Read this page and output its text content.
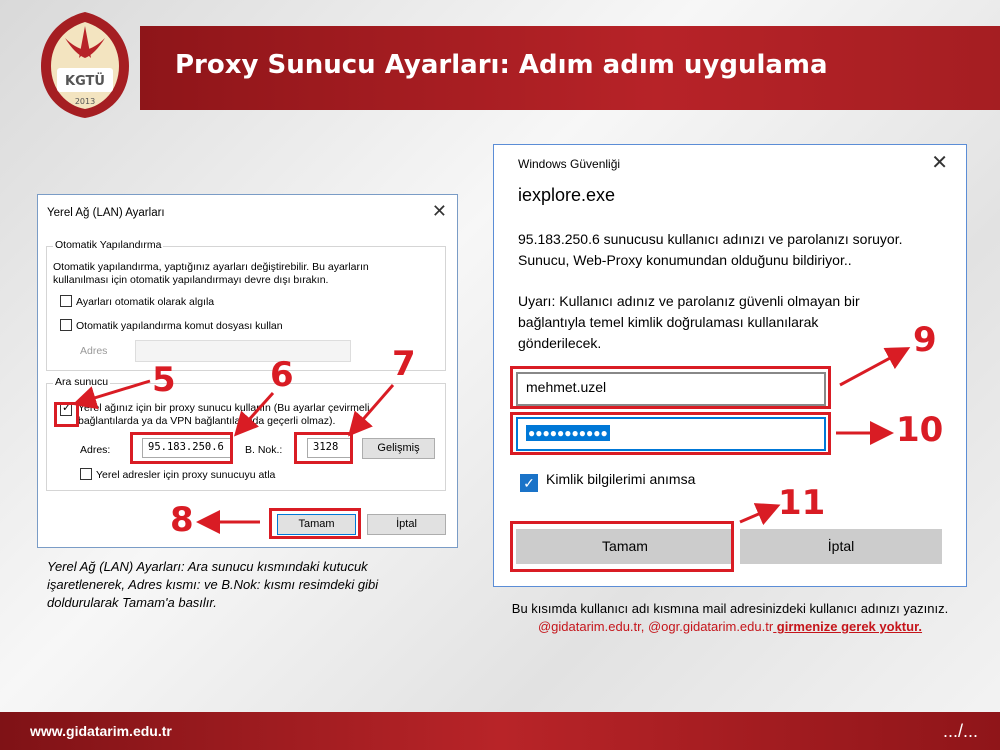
Proxy Sunucu Ayarları: Adım adım uygulama
KGTÜ
2013
Yerel Ağ (LAN) Ayarları	✕
Otomatik Yapılandırma
Otomatik yapılandırma, yaptığınız ayarları değiştirebilir. Bu ayarların kullanılması için otomatik yapılandırmayı devre dışı bırakın.
Ayarları otomatik olarak algıla
Otomatik yapılandırma komut dosyası kullan
Adres
Ara sunucu
✓
Yerel ağınız için bir proxy sunucu kullanın (Bu ayarlar çevirmeli bağlantılarda ya da VPN bağlantılarında geçerli olmaz).
Adres:	95.183.250.6	B. Nok.:	3128	Gelişmiş
Yerel adresler için proxy sunucuyu atla
Tamam	İptal
Windows Güvenliği	✕
iexplore.exe
95.183.250.6 sunucusu kullanıcı adınızı ve parolanızı soruyor.
Sunucu, Web-Proxy konumundan olduğunu bildiriyor..
Uyarı: Kullanıcı adınız ve parolanız güvenli olmayan bir
bağlantıyla temel kimlik doğrulaması kullanılarak
gönderilecek.
mehmet.uzel
●●●●●●●●●●●
✓ Kimlik bilgilerimi anımsa
Tamam	İptal
5	6	7
8
9
10
11
Yerel Ağ (LAN) Ayarları: Ara sunucu kısmındaki kutucuk işaretlenerek, Adres kısmı: ve B.Nok: kısmı resimdeki gibi doldurularak Tamam'a basılır.	Bu kısımda kullanıcı adı kısmına mail adresinizdeki kullanıcı adınızı yazınız. @gidatarim.edu.tr, @ogr.gidatarim.edu.tr girmenize gerek yoktur.
www.gidatarim.edu.tr	.../...
